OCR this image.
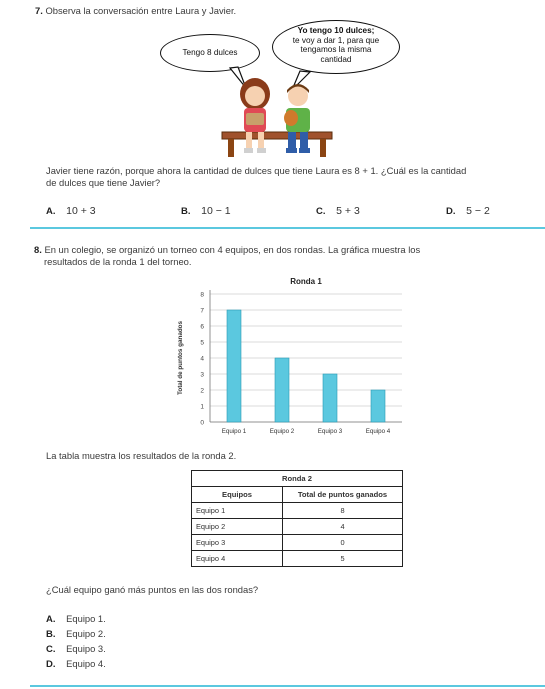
7. Observa la conversación entre Laura y Javier.
Tengo 8 dulces
Yo tengo 10 dulces;
te voy a dar 1, para que
tengamos la misma
cantidad
Javier tiene razón, porque ahora la cantidad de dulces que tiene Laura es 8 + 1. ¿Cuál es la cantidad
de dulces que tiene Javier?
A. 10 + 3	B. 10 − 1	C. 5 + 3	D. 5 − 2
8. En un colegio, se organizó un torneo con 4 equipos, en dos rondas. La gráfica muestra los
resultados de la ronda 1 del torneo.
Ronda 1
Total de puntos ganados
0
1
2
3
4
5
6
7
8
Equipo 1	Equipo 2	Equipo 3	Equipo 4
La tabla muestra los resultados de la ronda 2.
Ronda 2	
Equipos	Total de puntos ganados
Equipo 1	8
Equipo 2	4
Equipo 3	0
Equipo 4	5
¿Cuál equipo ganó más puntos en las dos rondas?
A. Equipo 1.
B. Equipo 2.
C. Equipo 3.
D. Equipo 4.
